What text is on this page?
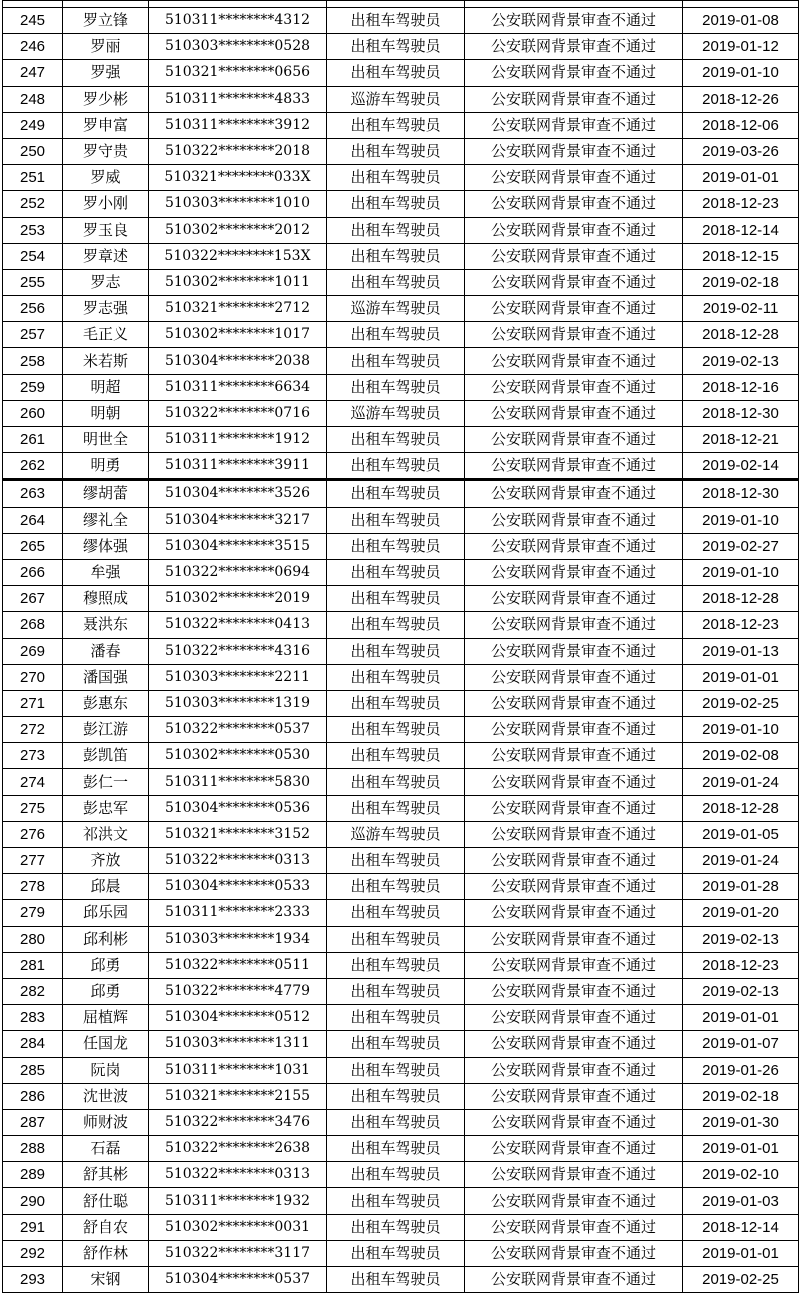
245	罗立锋	510311********4312	出租车驾驶员	公安联网背景审查不通过	2019-01-08
246	罗丽	510303********0528	出租车驾驶员	公安联网背景审查不通过	2019-01-12
247	罗强	510321********0656	出租车驾驶员	公安联网背景审查不通过	2019-01-10
248	罗少彬	510311********4833	巡游车驾驶员	公安联网背景审查不通过	2018-12-26
249	罗申富	510311********3912	出租车驾驶员	公安联网背景审查不通过	2018-12-06
250	罗守贵	510322********2018	出租车驾驶员	公安联网背景审查不通过	2019-03-26
251	罗威	510321********033X	出租车驾驶员	公安联网背景审查不通过	2019-01-01
252	罗小刚	510303********1010	出租车驾驶员	公安联网背景审查不通过	2018-12-23
253	罗玉良	510302********2012	出租车驾驶员	公安联网背景审查不通过	2018-12-14
254	罗章述	510322********153X	出租车驾驶员	公安联网背景审查不通过	2018-12-15
255	罗志	510302********1011	出租车驾驶员	公安联网背景审查不通过	2019-02-18
256	罗志强	510321********2712	巡游车驾驶员	公安联网背景审查不通过	2019-02-11
257	毛正义	510302********1017	出租车驾驶员	公安联网背景审查不通过	2018-12-28
258	米若斯	510304********2038	出租车驾驶员	公安联网背景审查不通过	2019-02-13
259	明超	510311********6634	出租车驾驶员	公安联网背景审查不通过	2018-12-16
260	明朝	510322********0716	巡游车驾驶员	公安联网背景审查不通过	2018-12-30
261	明世全	510311********1912	出租车驾驶员	公安联网背景审查不通过	2018-12-21
262	明勇	510311********3911	出租车驾驶员	公安联网背景审查不通过	2019-02-14
263	缪胡蕾	510304********3526	出租车驾驶员	公安联网背景审查不通过	2018-12-30
264	缪礼全	510304********3217	出租车驾驶员	公安联网背景审查不通过	2019-01-10
265	缪体强	510304********3515	出租车驾驶员	公安联网背景审查不通过	2019-02-27
266	牟强	510322********0694	出租车驾驶员	公安联网背景审查不通过	2019-01-10
267	穆照成	510302********2019	出租车驾驶员	公安联网背景审查不通过	2018-12-28
268	聂洪东	510322********0413	出租车驾驶员	公安联网背景审查不通过	2018-12-23
269	潘春	510322********4316	出租车驾驶员	公安联网背景审查不通过	2019-01-13
270	潘国强	510303********2211	出租车驾驶员	公安联网背景审查不通过	2019-01-01
271	彭惠东	510303********1319	出租车驾驶员	公安联网背景审查不通过	2019-02-25
272	彭江游	510322********0537	出租车驾驶员	公安联网背景审查不通过	2019-01-10
273	彭凯笛	510302********0530	出租车驾驶员	公安联网背景审查不通过	2019-02-08
274	彭仁一	510311********5830	出租车驾驶员	公安联网背景审查不通过	2019-01-24
275	彭忠军	510304********0536	出租车驾驶员	公安联网背景审查不通过	2018-12-28
276	祁洪文	510321********3152	巡游车驾驶员	公安联网背景审查不通过	2019-01-05
277	齐放	510322********0313	出租车驾驶员	公安联网背景审查不通过	2019-01-24
278	邱晨	510304********0533	出租车驾驶员	公安联网背景审查不通过	2019-01-28
279	邱乐园	510311********2333	出租车驾驶员	公安联网背景审查不通过	2019-01-20
280	邱利彬	510303********1934	出租车驾驶员	公安联网背景审查不通过	2019-02-13
281	邱勇	510322********0511	出租车驾驶员	公安联网背景审查不通过	2018-12-23
282	邱勇	510322********4779	出租车驾驶员	公安联网背景审查不通过	2019-02-13
283	屈植辉	510304********0512	出租车驾驶员	公安联网背景审查不通过	2019-01-01
284	任国龙	510303********1311	出租车驾驶员	公安联网背景审查不通过	2019-01-07
285	阮岗	510311********1031	出租车驾驶员	公安联网背景审查不通过	2019-01-26
286	沈世波	510321********2155	出租车驾驶员	公安联网背景审查不通过	2019-02-18
287	师财波	510322********3476	出租车驾驶员	公安联网背景审查不通过	2019-01-30
288	石磊	510322********2638	出租车驾驶员	公安联网背景审查不通过	2019-01-01
289	舒其彬	510322********0313	出租车驾驶员	公安联网背景审查不通过	2019-02-10
290	舒仕聪	510311********1932	出租车驾驶员	公安联网背景审查不通过	2019-01-03
291	舒自农	510302********0031	出租车驾驶员	公安联网背景审查不通过	2018-12-14
292	舒作林	510322********3117	出租车驾驶员	公安联网背景审查不通过	2019-01-01
293	宋钢	510304********0537	出租车驾驶员	公安联网背景审查不通过	2019-02-25
